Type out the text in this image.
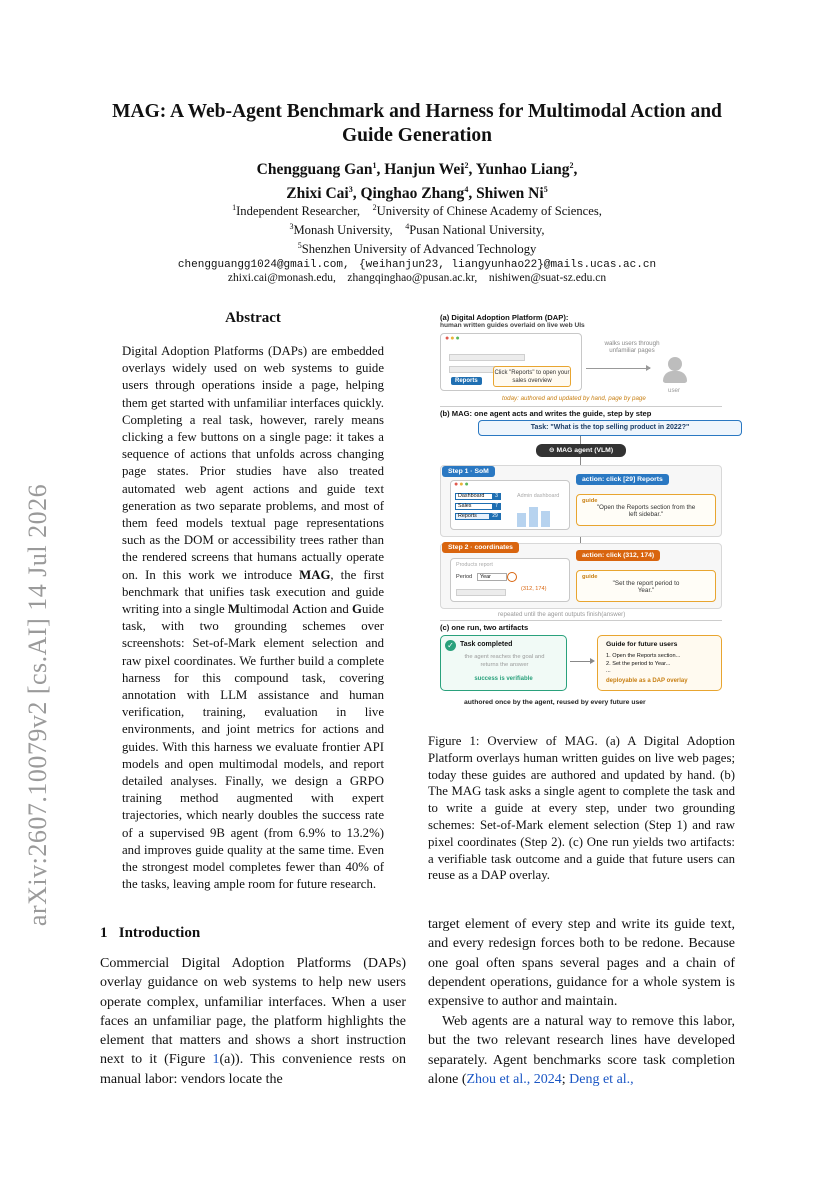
arXiv:2607.10079v2 [cs.AI] 14 Jul 2026
MAG: A Web-Agent Benchmark and Harness for Multimodal Action and
Guide Generation
Chengguang Gan$^1$, Hanjun Wei$^2$, Yunhao Liang$^2$,
Zhixi Cai$^3$, Qinghao Zhang$^4$, Shiwen Ni$^5$
$^1$Independent Researcher, $^2$University of Chinese Academy of Sciences,
$^3$Monash University, $^4$Pusan National University,
$^5$Shenzhen University of Advanced Technology
chengguangg1024@gmail.com, {weihanjun23, liangyunhao22}@mails.ucas.ac.cn
zhixi.cai@monash.edu, zhangqinghao@pusan.ac.kr, nishiwen@suat-sz.edu.cn
Abstract
Digital Adoption Platforms (DAPs) are embedded overlays widely used on web systems to guide users through operations inside a page, helping them get started with unfamiliar interfaces quickly. Completing a real task, however, rarely means clicking a few buttons on a single page: it takes a sequence of actions that unfolds across changing page states. Prior studies have also treated automated web agent actions and guide text generation as two separate problems, and most of them feed models textual page representations such as the DOM or accessibility trees rather than the rendered screens that humans actually operate on. In this work we introduce MAG, the first benchmark that unifies task execution and guide writing into a single Multimodal Action and Guide task, with two grounding schemes over screenshots: Set-of-Mark element selection and raw pixel coordinates. We further build a complete harness for this compound task, covering annotation with LLM assistance and human verification, training, evaluation in live environments, and joint metrics for actions and guides. With this harness we evaluate frontier API models and open multimodal models, and report detailed analyses. Finally, we design a GRPO training method augmented with expert trajectories, which nearly doubles the success rate of a supervised 9B agent (from 6.9% to 13.2%) and improves guide quality at the same time. Even the strongest model completes fewer than 40% of the tasks, leaving ample room for future research.
1 Introduction
Commercial Digital Adoption Platforms (DAPs) overlay guidance on web systems to help new users operate complex, unfamiliar interfaces. When a user faces an unfamiliar page, the platform highlights the element that matters and shows a short instruction next to it (Figure 1(a)). This convenience rests on manual labor: vendors locate the
target element of every step and write its guide text, and every redesign forces both to be redone. Because one goal often spans several pages and a chain of dependent operations, guidance for a whole system is expensive to author and maintain.
Web agents are a natural way to remove this labor, but the two relevant research lines have developed separately. Agent benchmarks score task completion alone (Zhou et al., 2024; Deng et al.,
(a) Digital Adoption Platform (DAP):
human written guides overlaid on live web UIs
●●●
Reports
Click "Reports" to open your sales overview
walks users through unfamiliar pages
user
today: authored and updated by hand, page by page
(b) MAG: one agent acts and writes the guide, step by step
Task: "What is the top selling product in 2022?"
⊖ MAG agent (VLM)
Step 1 · SoM
action: click [29] Reports
●●●
Dashboard	3
Sales	7
Reports	29
Admin dashboard
guide
"Open the Reports section from the left sidebar."
Step 2 · coordinates
action: click (312, 174)
Products report
Period	Year
(312, 174)
guide
"Set the report period to Year."
repeated until the agent outputs finish(answer)
(c) one run, two artifacts
✓ Task completed
the agent reaches the goal and returns the answer
success is verifiable
Guide for future users
1. Open the Reports section...
2. Set the period to Year...
...
deployable as a DAP overlay
authored once by the agent, reused by every future user
Figure 1: Overview of MAG. (a) A Digital Adoption Platform overlays human written guides on live web pages; today these guides are authored and updated by hand. (b) The MAG task asks a single agent to complete the task and to write a guide at every step, under two grounding schemes: Set-of-Mark element selection (Step 1) and raw pixel coordinates (Step 2). (c) One run yields two artifacts: a verifiable task outcome and a guide that future users can reuse as a DAP overlay.
